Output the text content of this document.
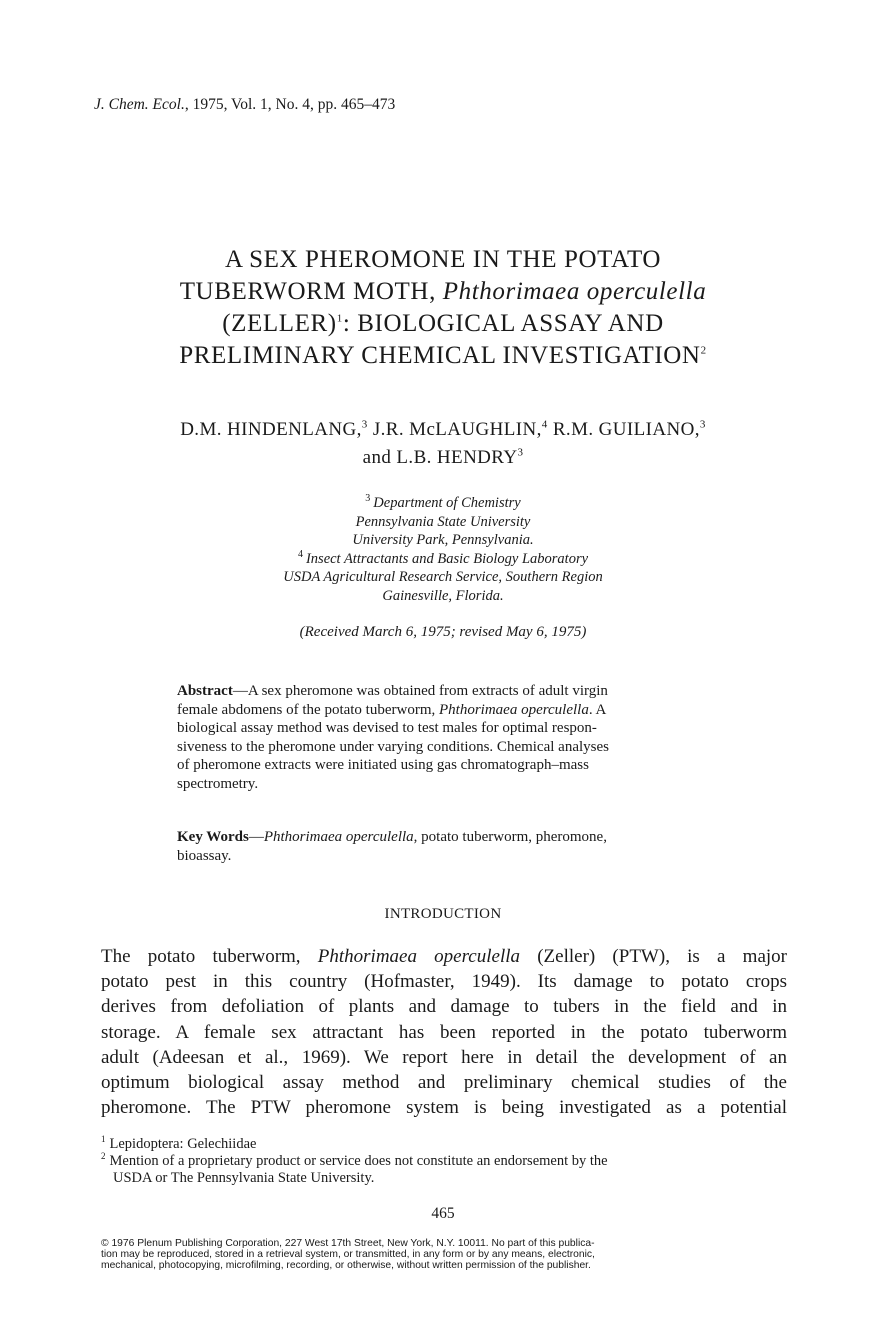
J. Chem. Ecol., 1975, Vol. 1, No. 4, pp. 465–473
A SEX PHEROMONE IN THE POTATO
TUBERWORM MOTH, Phthorimaea operculella
(ZELLER)$^1$: BIOLOGICAL ASSAY AND
PRELIMINARY CHEMICAL INVESTIGATION$^2$
D.M. HINDENLANG,$^3$ J.R. McLAUGHLIN,$^4$ R.M. GUILIANO,$^3$
and L.B. HENDRY$^3$
$^3$ Department of Chemistry
Pennsylvania State University
University Park, Pennsylvania.
$^4$ Insect Attractants and Basic Biology Laboratory
USDA Agricultural Research Service, Southern Region
Gainesville, Florida.
(Received March 6, 1975; revised May 6, 1975)
Abstract—A sex pheromone was obtained from extracts of adult virgin
female abdomens of the potato tuberworm, Phthorimaea operculella. A
biological assay method was devised to test males for optimal respon-
siveness to the pheromone under varying conditions. Chemical analyses
of pheromone extracts were initiated using gas chromatograph–mass
spectrometry.
Key Words—Phthorimaea operculella, potato tuberworm, pheromone,
bioassay.
INTRODUCTION
The potato tuberworm, Phthorimaea operculella (Zeller) (PTW), is a major
potato pest in this country (Hofmaster, 1949). Its damage to potato crops
derives from defoliation of plants and damage to tubers in the field and in
storage. A female sex attractant has been reported in the potato tuberworm
adult (Adeesan et al., 1969). We report here in detail the development of an
optimum biological assay method and preliminary chemical studies of the
pheromone. The PTW pheromone system is being investigated as a potential
$^1$ Lepidoptera: Gelechiidae
$^2$ Mention of a proprietary product or service does not constitute an endorsement by the
USDA or The Pennsylvania State University.
465
© 1976 Plenum Publishing Corporation, 227 West 17th Street, New York, N.Y. 10011. No part of this publica-
tion may be reproduced, stored in a retrieval system, or transmitted, in any form or by any means, electronic,
mechanical, photocopying, microfilming, recording, or otherwise, without written permission of the publisher.
